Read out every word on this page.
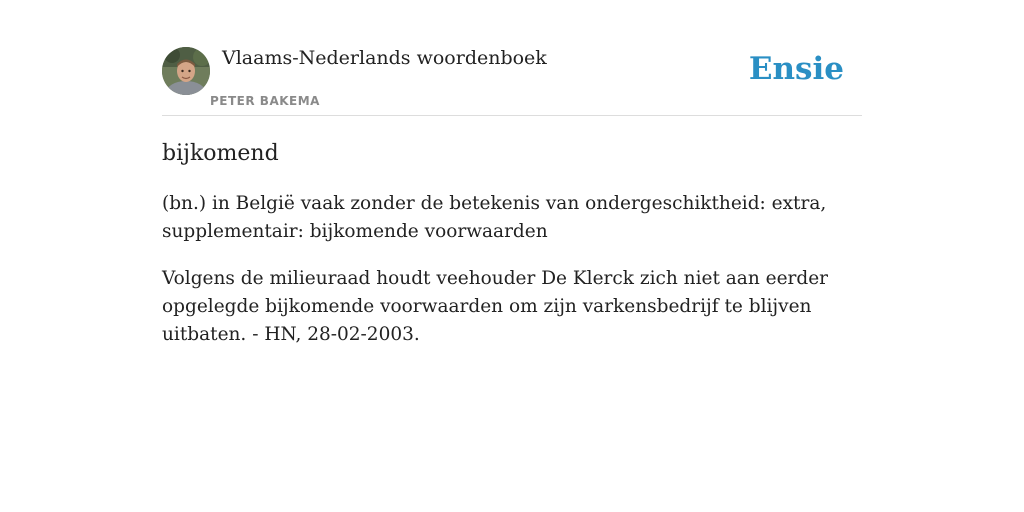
Vlaams-Nederlands woordenboek
PETER BAKEMA
Ensie
bijkomend

(bn.) in België vaak zonder de betekenis van ondergeschiktheid: extra, supplementair: bijkomende voorwaarden

Volgens de milieuraad houdt veehouder De Klerck zich niet aan eerder opgelegde bijkomende voorwaarden om zijn varkensbedrijf te blijven uitbaten. - HN, 28-02-2003.
